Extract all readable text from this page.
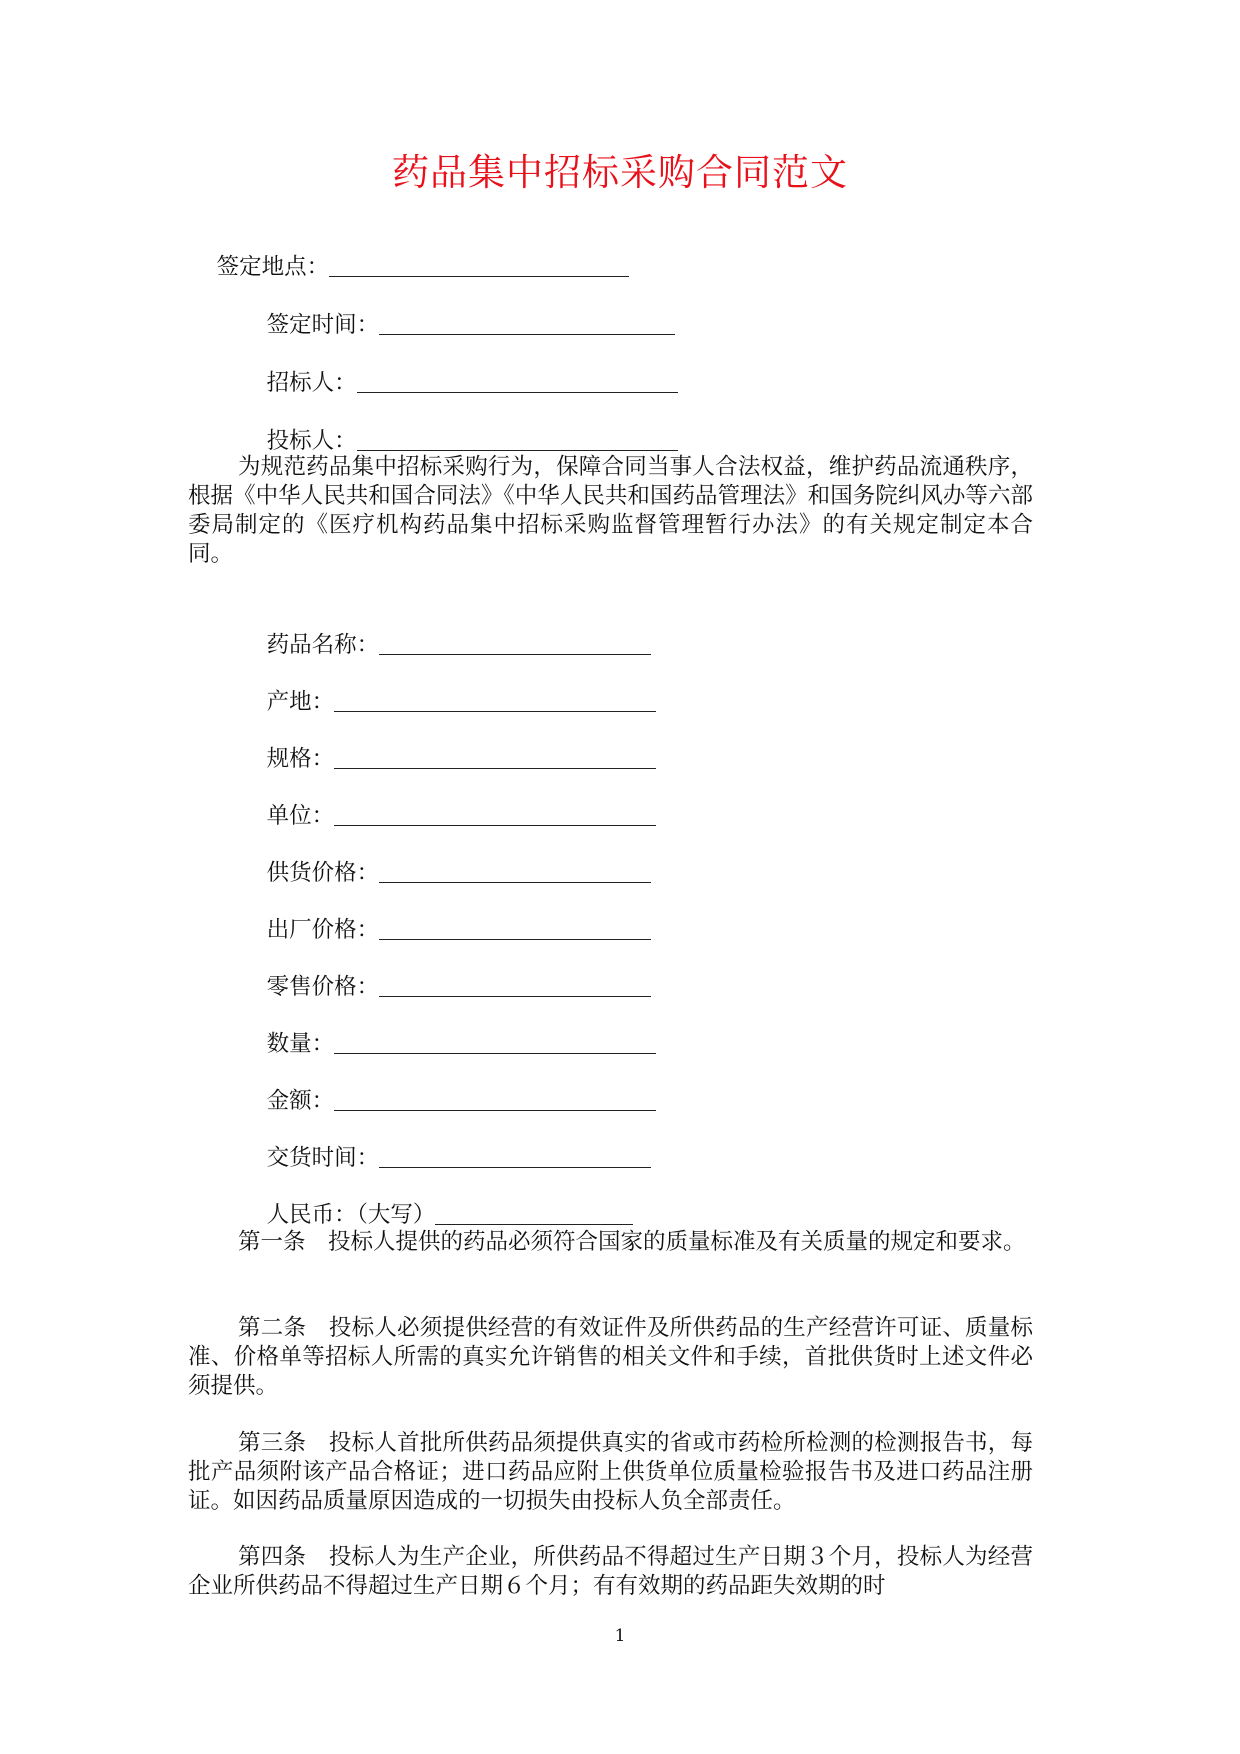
药品集中招标采购合同范文

签定地点：

签定时间：

招标人：

投标人：

为规范药品集中招标采购行为，保障合同当事人合法权益，维护药品流通秩序，根据《中华人民共和国合同法》《中华人民共和国药品管理法》和国务院纠风办等六部委局制定的《医疗机构药品集中招标采购监督管理暂行办法》的有关规定制定本合同。

药品名称：

产地：

规格：

单位：

供货价格：

出厂价格：

零售价格：

数量：

金额：

交货时间：

人民币：（大写）

第一条　投标人提供的药品必须符合国家的质量标准及有关质量的规定和要求。
第二条　投标人必须提供经营的有效证件及所供药品的生产经营许可证、质量标准、价格单等招标人所需的真实允许销售的相关文件和手续，首批供货时上述文件必须提供。
第三条　投标人首批所供药品须提供真实的省或市药检所检测的检测报告书，每批产品须附该产品合格证；进口药品应附上供货单位质量检验报告书及进口药品注册证。如因药品质量原因造成的一切损失由投标人负全部责任。
第四条　投标人为生产企业，所供药品不得超过生产日期３个月，投标人为经营企业所供药品不得超过生产日期６个月；有有效期的药品距失效期的时
1
